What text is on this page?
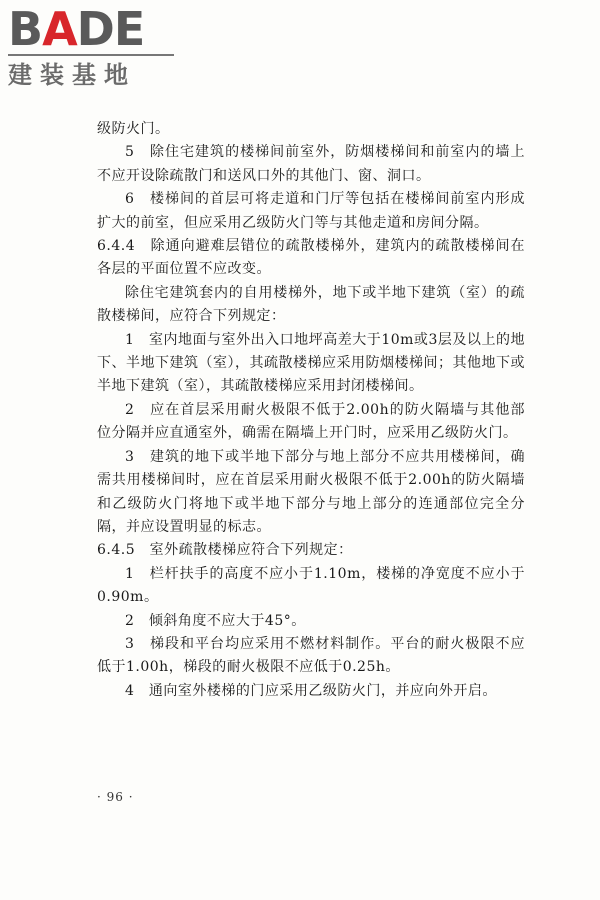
BADE
建装基地

级防火门。

5　除住宅建筑的楼梯间前室外，防烟楼梯间和前室内的墙上不应开设除疏散门和送风口外的其他门、窗、洞口。

6　楼梯间的首层可将走道和门厅等包括在楼梯间前室内形成扩大的前室，但应采用乙级防火门等与其他走道和房间分隔。

6.4.4　除通向避难层错位的疏散楼梯外，建筑内的疏散楼梯间在各层的平面位置不应改变。

除住宅建筑套内的自用楼梯外，地下或半地下建筑（室）的疏散楼梯间，应符合下列规定：

1　室内地面与室外出入口地坪高差大于10m或3层及以上的地下、半地下建筑（室），其疏散楼梯应采用防烟楼梯间；其他地下或半地下建筑（室），其疏散楼梯应采用封闭楼梯间。

2　应在首层采用耐火极限不低于2.00h的防火隔墙与其他部位分隔并应直通室外，确需在隔墙上开门时，应采用乙级防火门。

3　建筑的地下或半地下部分与地上部分不应共用楼梯间，确需共用楼梯间时，应在首层采用耐火极限不低于2.00h的防火隔墙和乙级防火门将地下或半地下部分与地上部分的连通部位完全分隔，并应设置明显的标志。

6.4.5　室外疏散楼梯应符合下列规定：

1　栏杆扶手的高度不应小于1.10m，楼梯的净宽度不应小于0.90m。

2　倾斜角度不应大于45°。

3　梯段和平台均应采用不燃材料制作。平台的耐火极限不应低于1.00h，梯段的耐火极限不应低于0.25h。

4　通向室外楼梯的门应采用乙级防火门，并应向外开启。

· 96 ·
